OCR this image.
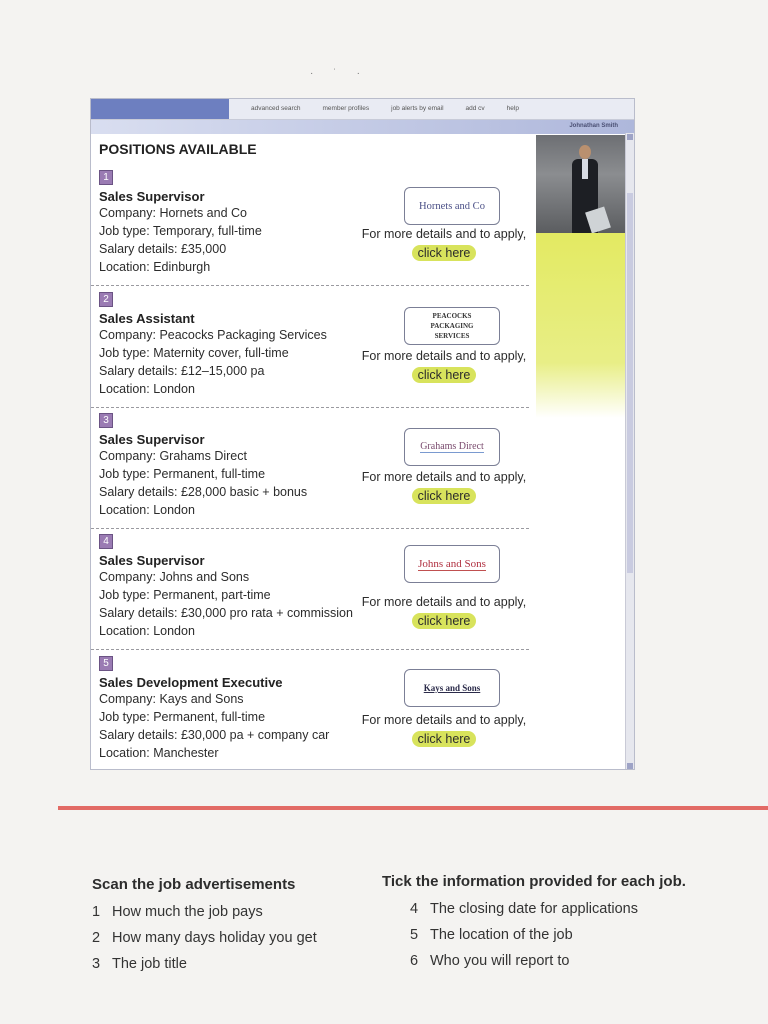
·˙·
advanced search	member profiles	job alerts by email	add cv	help
Johnathan Smith
POSITIONS AVAILABLE
1
Sales Supervisor
Company: Hornets and Co
Job type: Temporary, full-time
Salary details: £35,000
Location: Edinburgh
Hornets and Co
For more details and to apply,
click here
2
Sales Assistant
Company: Peacocks Packaging Services
Job type: Maternity cover, full-time
Salary details: £12–15,000 pa
Location: London
PEACOCKS PACKAGING SERVICES
For more details and to apply,
click here
3
Sales Supervisor
Company: Grahams Direct
Job type: Permanent, full-time
Salary details: £28,000 basic + bonus
Location: London
Grahams Direct
For more details and to apply,
click here
4
Sales Supervisor
Company: Johns and Sons
Job type: Permanent, part-time
Salary details: £30,000 pro rata + commission
Location: London
Johns and Sons
For more details and to apply,
click here
5
Sales Development Executive
Company: Kays and Sons
Job type: Permanent, full-time
Salary details: £30,000 pa + company car
Location: Manchester
Kays and Sons
For more details and to apply,
click here
Scan the job advertisements
1 How much the job pays
2 How many days holiday you get
3 The job title
Tick the information provided for each job.
4 The closing date for applications
5 The location of the job
6 Who you will report to
